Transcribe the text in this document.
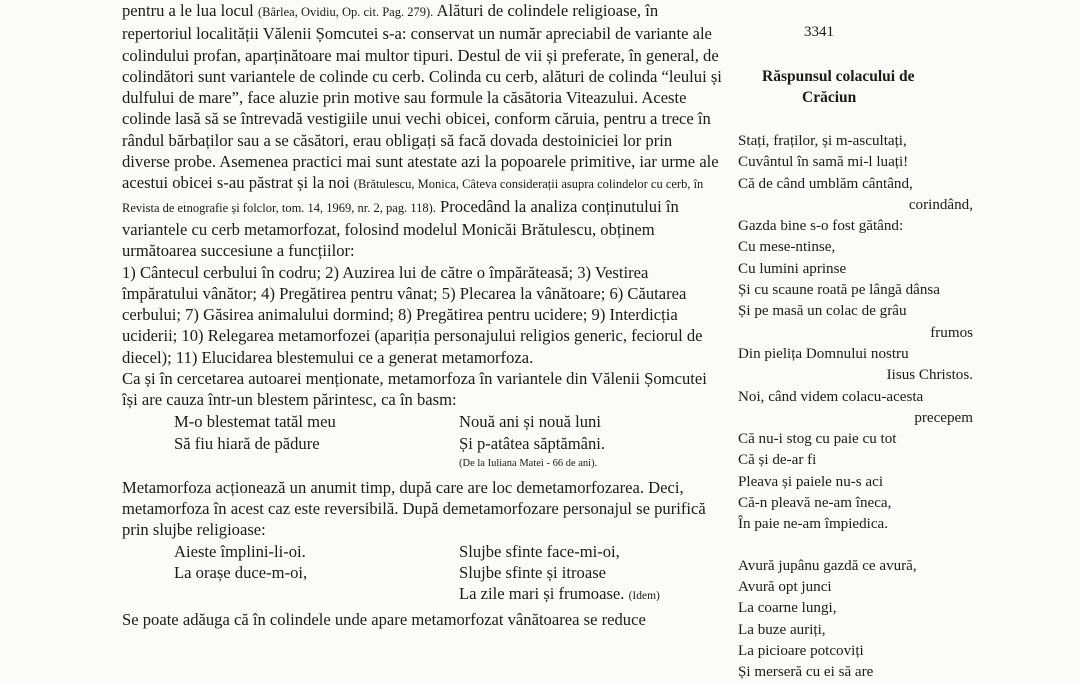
pentru a le lua locul (Bârlea, Ovidiu, Op. cit. Pag. 279). Alături de colindele religioase, în repertoriul localității Vălenii Șomcutei s-a: conservat un număr apreciabil de variante ale colindului profan, aparținătoare mai multor tipuri. Destul de vii și preferate, în general, de colindători sunt variantele de colinde cu cerb. Colinda cu cerb, alături de colinda “leului și dulfului de mare”, face aluzie prin motive sau formule la căsătoria Viteazului. Aceste colinde lasă să se întrevadă vestigiile unui vechi obicei, conform căruia, pentru a trece în rândul bărbaților sau a se căsători, erau obligați să facă dovada destoiniciei lor prin diverse probe. Asemenea practici mai sunt atestate azi la popoarele primitive, iar urme ale acestui obicei s-au păstrat și la noi (Brătulescu, Monica, Câteva considerații asupra colindelor cu cerb, în Revista de etnografie și folclor, tom. 14, 1969, nr. 2, pag. 118). Procedând la analiza conținutului în variantele cu cerb metamorfozat, folosind modelul Monicăi Brătulescu, obținem următoarea succesiune a funcțiilor:

1) Cântecul cerbului în codru; 2) Auzirea lui de către o împărăteasă; 3) Vestirea împăratului vânător; 4) Pregătirea pentru vânat; 5) Plecarea la vânătoare; 6) Căutarea cerbului; 7) Găsirea animalului dormind; 8) Pregătirea pentru ucidere; 9) Interdicția uciderii; 10) Relegarea metamorfozei (apariția personajului religios generic, feciorul de diecel); 11) Elucidarea blestemului ce a generat metamorfoza.

Ca și în cercetarea autoarei menționate, metamorfoza în variantele din Vălenii Șomcutei își are cauza într-un blestem părintesc, ca în basm:

M-o blestemat tatăl meu	Nouă ani și nouă luni
Să fiu hiară de pădure	Și p-atâtea săptămâni.
(De la Iuliana Matei - 66 de ani).

Metamorfoza acționează un anumit timp, după care are loc demetamorfozarea. Deci, metamorfoza în acest caz este reversibilă. După demetamorfozare personajul se purifică prin slujbe religioase:

Aieste împlini-li-oi.	Slujbe sfinte face-mi-oi,
La orașe duce-m-oi,	Slujbe sfinte și itroase
La zile mari și frumoase. (Idem)

Se poate adăuga că în colindele unde apare metamorfozat vânătoarea se reduce

3341
Răspunsul colacului de
Crăciun
Stați, fraților, și m-ascultați,
Cuvântul în samă mi-l luați!
Că de când umblăm cântând,
corindând,
Gazda bine s-o fost gătând:
Cu mese-ntinse,
Cu lumini aprinse
Și cu scaune roată pe lângă dânsa
Și pe masă un colac de grâu
frumos
Din pielița Domnului nostru
Iisus Christos.
Noi, când videm colacu-acesta
precepem
Că nu-i stog cu paie cu tot
Că și de-ar fi
Pleava și paiele nu-s aci
Că-n pleavă ne-am îneca,
În paie ne-am împiedica.
Avură jupânu gazdă ce avură,
Avură opt junci
La coarne lungi,
La buze auriți,
La picioare potcoviți
Și merseră cu ei să are
